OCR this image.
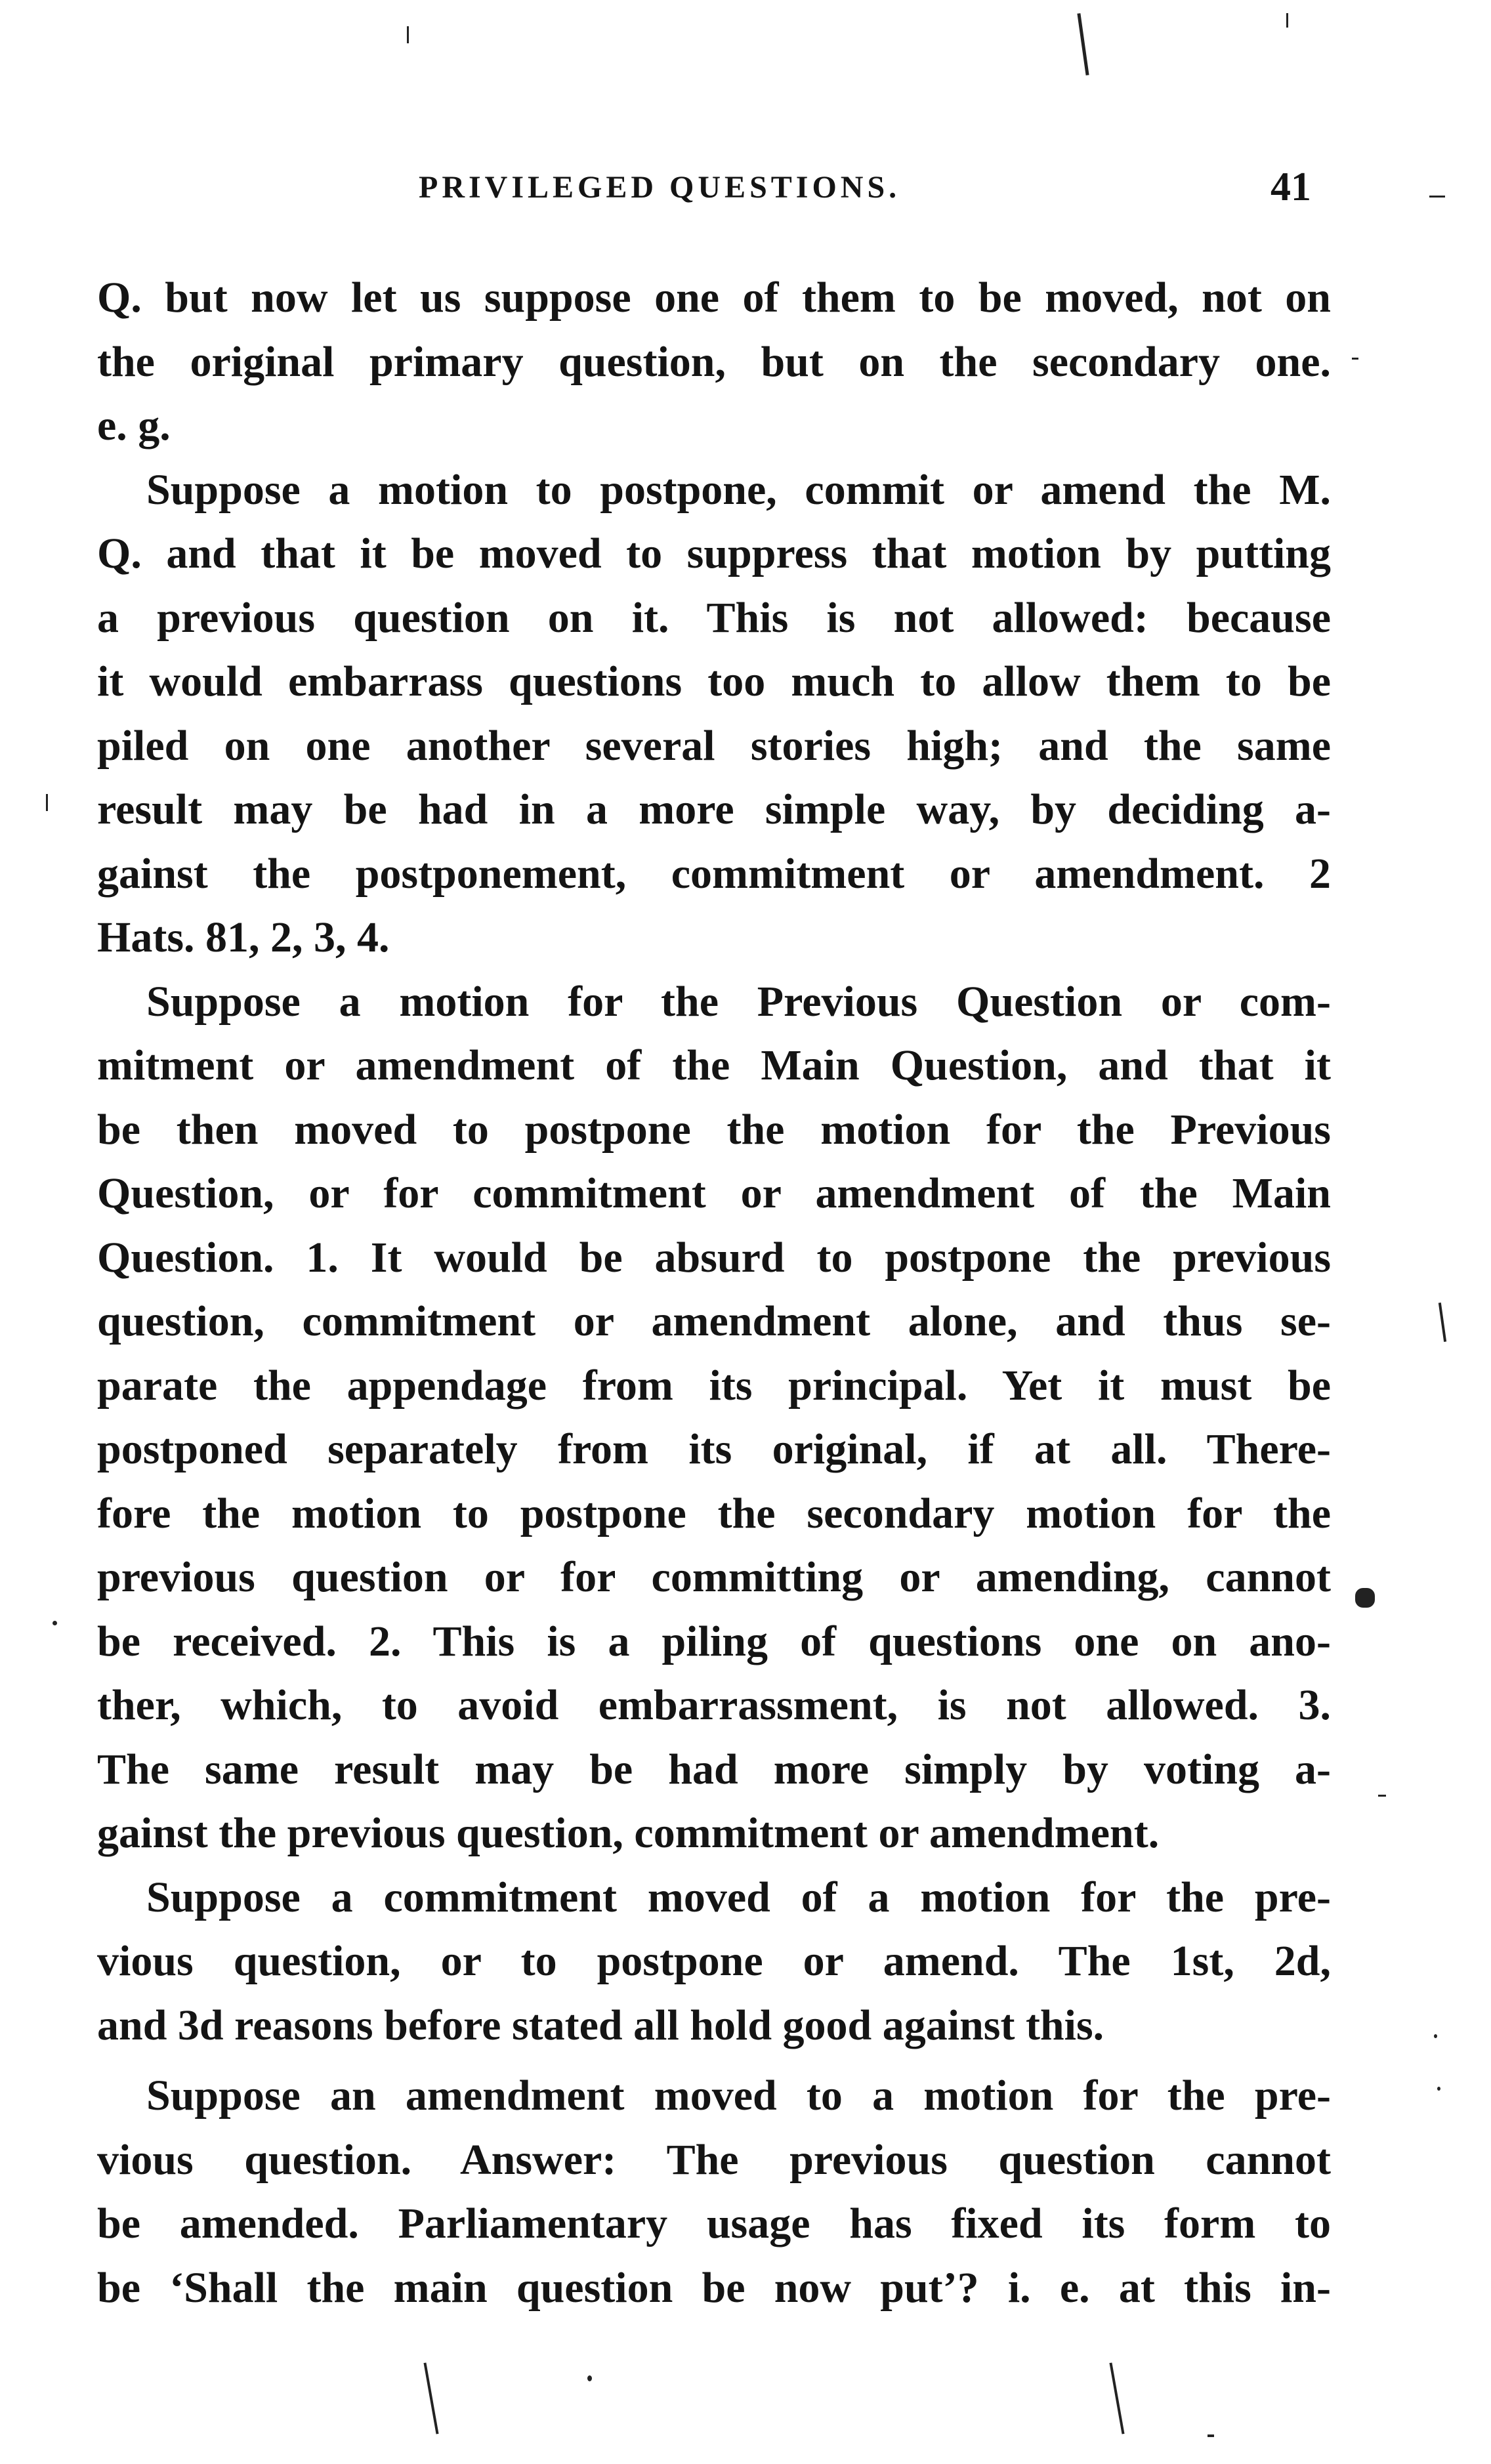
PRIVILEGED QUESTIONS.	41
Q. but now let us suppose one of them to be moved, not on
the original primary question, but on the secondary one.
e. g.
Suppose a motion to postpone, commit or amend the M.
Q. and that it be moved to suppress that motion by putting
a previous question on it. This is not allowed: because
it would embarrass questions too much to allow them to be
piled on one another several stories high; and the same
result may be had in a more simple way, by deciding a-
gainst the postponement, commitment or amendment. 2
Hats. 81, 2, 3, 4.
Suppose a motion for the Previous Question or com-
mitment or amendment of the Main Question, and that it
be then moved to postpone the motion for the Previous
Question, or for commitment or amendment of the Main
Question. 1. It would be absurd to postpone the previous
question, commitment or amendment alone, and thus se-
parate the appendage from its principal. Yet it must be
postponed separately from its original, if at all. There-
fore the motion to postpone the secondary motion for the
previous question or for committing or amending, cannot
be received. 2. This is a piling of questions one on ano-
ther, which, to avoid embarrassment, is not allowed. 3.
The same result may be had more simply by voting a-
gainst the previous question, commitment or amendment.
Suppose a commitment moved of a motion for the pre-
vious question, or to postpone or amend. The 1st, 2d,
and 3d reasons before stated all hold good against this.
Suppose an amendment moved to a motion for the pre-
vious question. Answer: The previous question cannot
be amended. Parliamentary usage has fixed its form to
be ‘Shall the main question be now put’? i. e. at this in-
